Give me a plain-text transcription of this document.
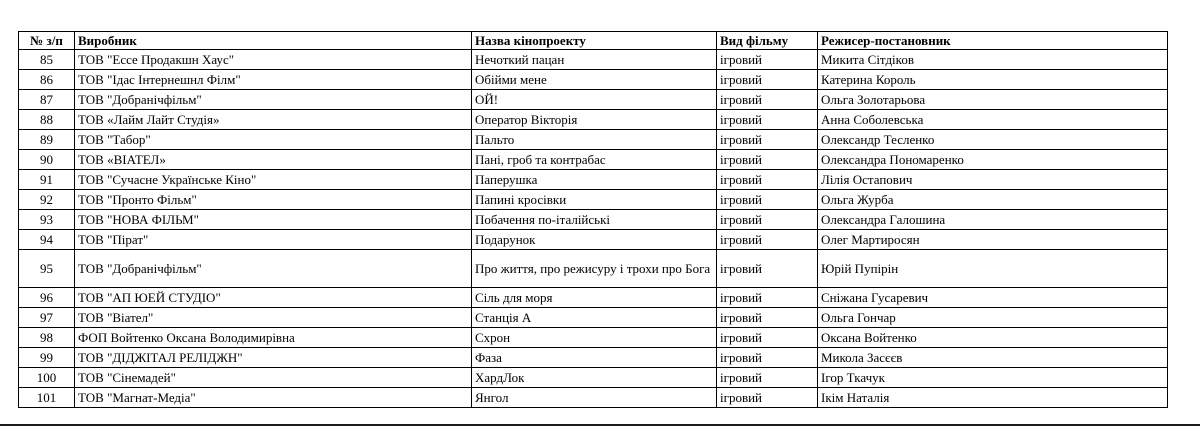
№ з/п	Виробник	Назва кінопроекту	Вид фільму	Режисер-постановник
85	ТОВ "Ессе Продакшн Хаус"	Нечоткий пацан	ігровий	Микита Сітдіков
86	ТОВ "Ідас Інтернешнл Філм"	Обійми мене	ігровий	Катерина Король
87	ТОВ "Добранічфільм"	ОЙ!	ігровий	Ольга Золотарьова
88	ТОВ «Лайм Лайт Студія»	Оператор Вікторія	ігровий	Анна Соболевська
89	ТОВ "Табор"	Пальто	ігровий	Олександр Тесленко
90	ТОВ «ВІАТЕЛ»	Пані, гроб та контрабас	ігровий	Олександра Пономаренко
91	ТОВ "Сучасне Українське Кіно"	Паперушка	ігровий	Лілія Остапович
92	ТОВ "Пронто Фільм"	Папині кросівки	ігровий	Ольга Журба
93	ТОВ "НОВА ФІЛЬМ"	Побачення по-італійські	ігровий	Олександра Галошина
94	ТОВ "Пірат"	Подарунок	ігровий	Олег Мартиросян
95	ТОВ "Добранічфільм"	Про життя, про режисуру і трохи про Бога	ігровий	Юрій Пупірін
96	ТОВ "АП ЮЕЙ СТУДІО"	Сіль для моря	ігровий	Сніжана Гусаревич
97	ТОВ "Віател"	Станція А	ігровий	Ольга Гончар
98	ФОП Войтенко Оксана Володимирівна	Схрон	ігровий	Оксана Войтенко
99	ТОВ "ДІДЖІТАЛ РЕЛІДЖН"	Фаза	ігровий	Микола Засєєв
100	ТОВ "Сінемадей"	ХардЛок	ігровий	Ігор Ткачук
101	ТОВ "Магнат-Медіа"	Янгол	ігровий	Ікім Наталія
